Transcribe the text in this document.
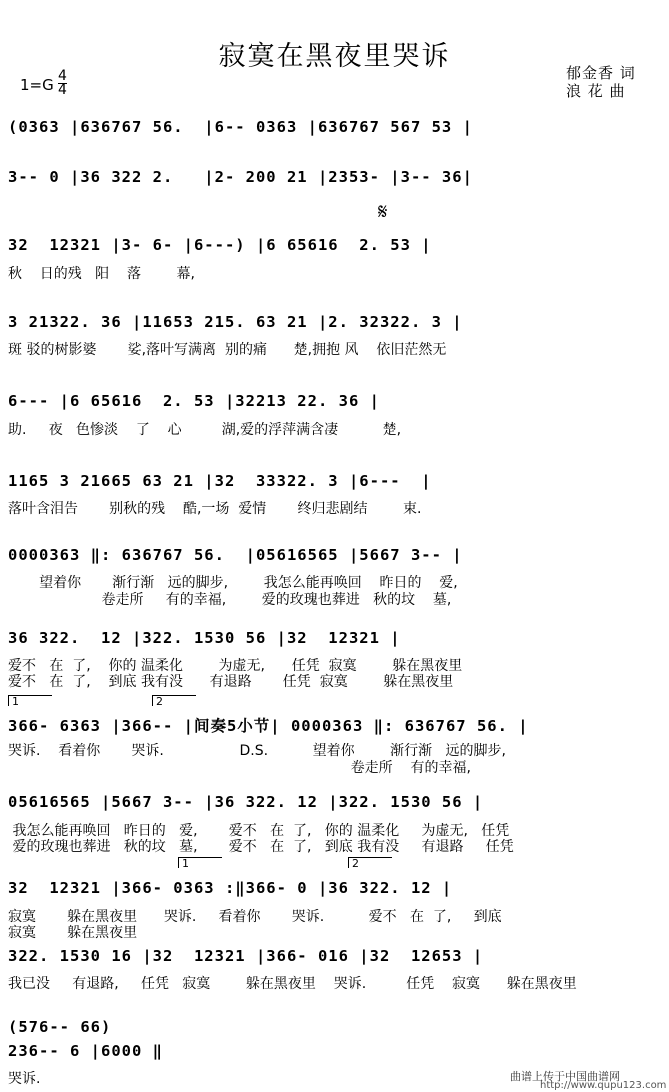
寂寞在黑夜里哭诉
郁金香 词
浪 花 曲
1=G 4
4
(0363 |636767 56.  |6-- 0363 |636767 567 53 |
3-- 0 |36 322 2.   |2- 200 21 |2353- |3-- 36|
𝄋
32  12321 |3- 6- |6---) |6 65616  2. 53 |
秋    日的残   阳    落        幕,
3 21322. 36 |11653 215. 63 21 |2. 32322. 3 |
斑 驳的树影婆       娑,落叶写满离  别的痛      楚,拥抱 风    依旧茫然无
6--- |6 65616  2. 53 |32213 22. 36 |
助.     夜   色惨淡    了    心         湖,爱的浮萍满含凄          楚,
1165 3 21665 63 21 |32  33322. 3 |6---  |
落叶含泪告       别秋的残    酷,一场  爱情       终归悲剧结        束.
0000363 ‖: 636767 56.  |05616565 |5667 3-- |
望着你       渐行渐   远的脚步,        我怎么能再唤回    昨日的    爱,
卷走所     有的幸福,        爱的玫瑰也葬进   秋的坟    墓,
36 322.  12 |322. 1530 56 |32  12321 |
爱不   在  了,    你的 温柔化        为虚无,      任凭  寂寞        躲在黑夜里
爱不   在  了,    到底 我有没      有退路       任凭  寂寞        躲在黑夜里
1	2
366- 6363 |366-- |间奏5小节| 0000363 ‖: 636767 56. |
哭诉.    看着你       哭诉.                 D.S.          望着你        渐行渐   远的脚步,
卷走所    有的幸福,
05616565 |5667 3-- |36 322. 12 |322. 1530 56 |
我怎么能再唤回   昨日的   爱,       爱不   在  了,   你的 温柔化     为虚无,   任凭
爱的玫瑰也葬进   秋的坟   墓,       爱不   在  了,   到底 我有没     有退路     任凭
1	2
32  12321 |366- 0363 :‖366- 0 |36 322. 12 |
寂寞       躲在黑夜里      哭诉.     看着你       哭诉.          爱不   在  了,     到底
寂寞       躲在黑夜里
322. 1530 16 |32  12321 |366- 016 |32  12653 |
我已没     有退路,     任凭   寂寞        躲在黑夜里    哭诉.         任凭    寂寞      躲在黑夜里
(576-- 66)
236-- 6 |6000 ‖
哭诉.	曲谱上传于中国曲谱网
http://www.qupu123.com
